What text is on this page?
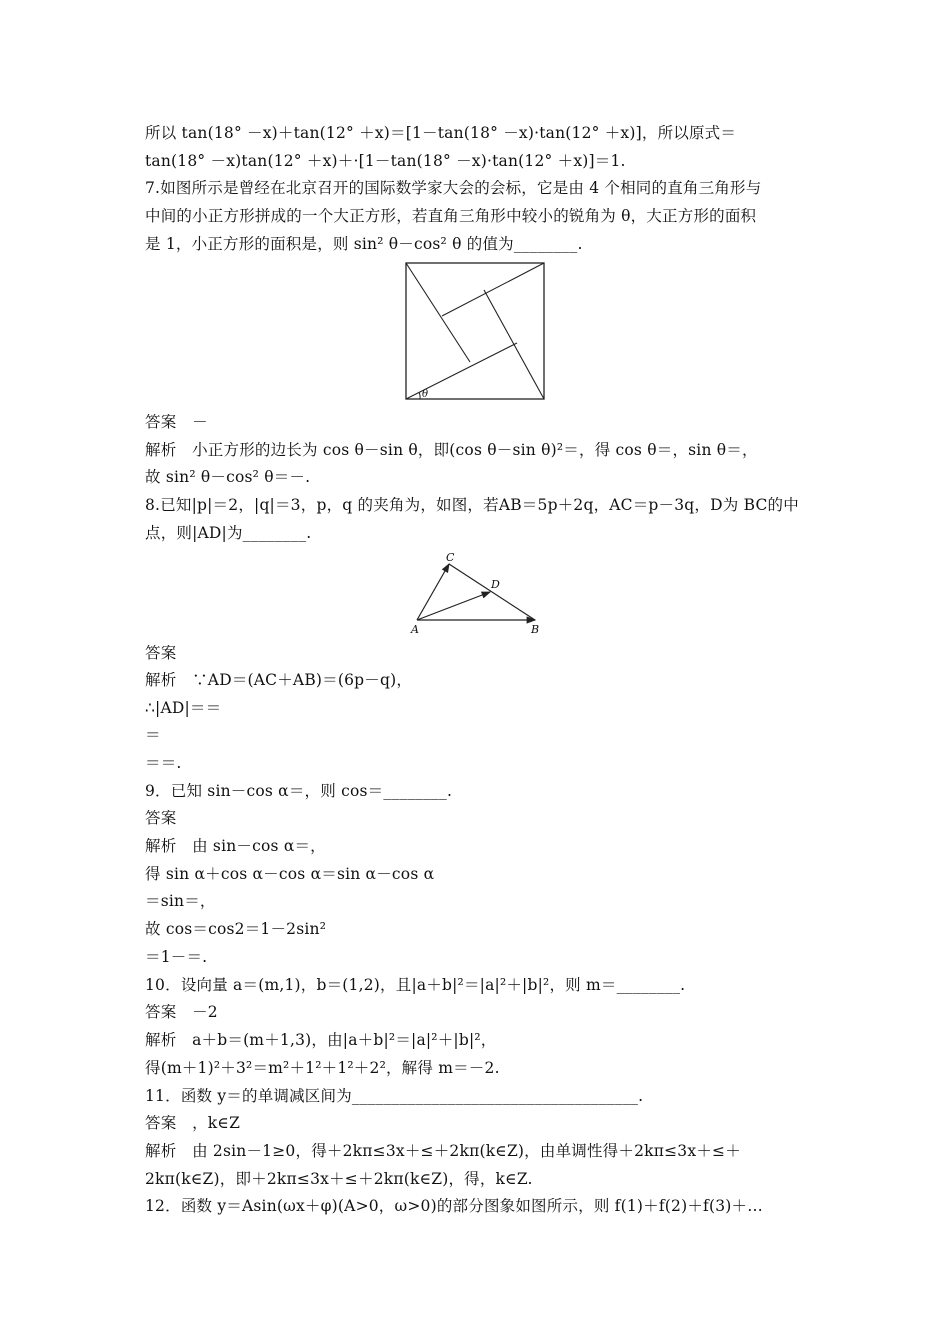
所以 tan(18° －x)＋tan(12° ＋x)＝[1－tan(18° －x)·tan(12° ＋x)]，所以原式＝
tan(18° －x)tan(12° ＋x)＋·[1－tan(18° －x)·tan(12° ＋x)]＝1.
7.如图所示是曾经在北京召开的国际数学家大会的会标，它是由 4 个相同的直角三角形与
中间的小正方形拼成的一个大正方形，若直角三角形中较小的锐角为 θ，大正方形的面积
是 1，小正方形的面积是，则 sin² θ－cos² θ 的值为________.
θ
答案　－
解析　小正方形的边长为 cos θ－sin θ，即(cos θ－sin θ)²＝，得 cos θ＝，sin θ＝，
故 sin² θ－cos² θ＝－.
8.已知|p|＝2，|q|＝3，p，q 的夹角为，如图，若AB＝5p＋2q，AC＝p－3q，D为 BC的中
点，则|AD|为________.
A	B
C
D
答案
解析　∵AD＝(AC＋AB)＝(6p－q)，
∴|AD|＝＝
＝
＝＝.
9．已知 sin－cos α＝，则 cos＝________.
答案
解析　由 sin－cos α＝，
得 sin α＋cos α－cos α＝sin α－cos α
＝sin＝，
故 cos＝cos2＝1－2sin²
＝1－＝.
10．设向量 a＝(m,1)，b＝(1,2)，且|a＋b|²＝|a|²＋|b|²，则 m＝________.
答案　－2
解析　a＋b＝(m＋1,3)，由|a＋b|²＝|a|²＋|b|²，
得(m＋1)²＋3²＝m²＋1²＋1²＋2²，解得 m＝－2.
11．函数 y＝的单调减区间为____________________________________.
答案　，k∈Z
解析　由 2sin－1≥0，得＋2kπ≤3x＋≤＋2kπ(k∈Z)，由单调性得＋2kπ≤3x＋≤＋
2kπ(k∈Z)，即＋2kπ≤3x＋≤＋2kπ(k∈Z)，得，k∈Z.
12．函数 y＝Asin(ωx＋φ)(A>0，ω>0)的部分图象如图所示，则 f(1)＋f(2)＋f(3)＋…
